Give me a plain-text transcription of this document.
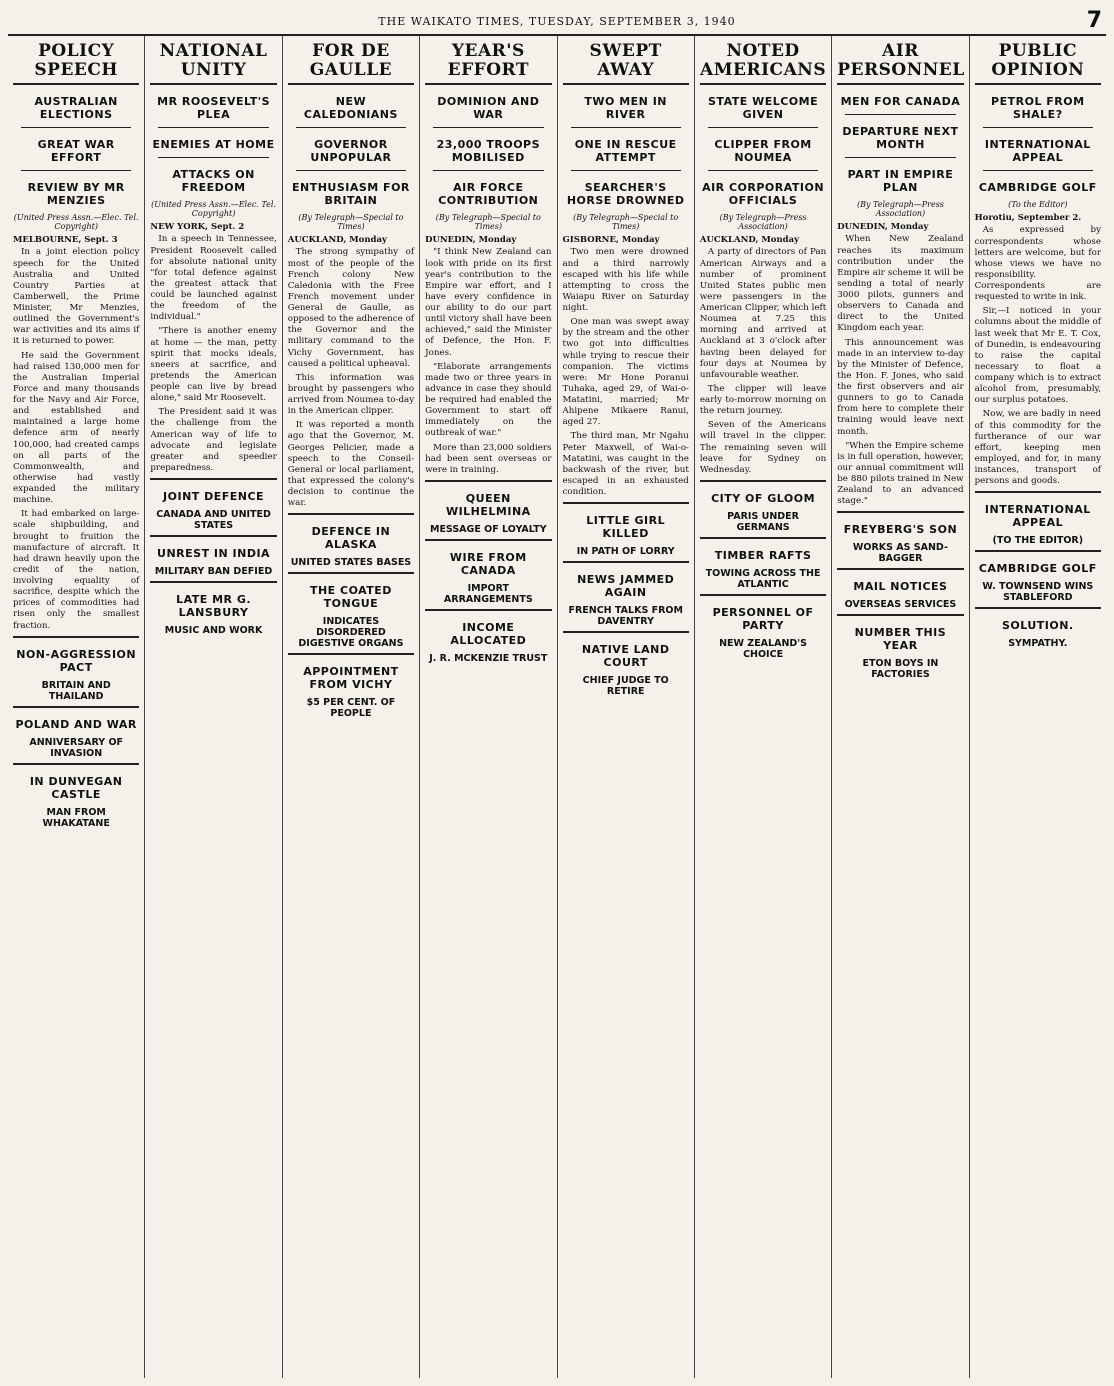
THE WAIKATO TIMES, TUESDAY, SEPTEMBER 3, 1940	7
POLICY SPEECH
AUSTRALIAN ELECTIONS
GREAT WAR EFFORT
REVIEW BY MR MENZIES
(United Press Assn.—Elec. Tel. Copyright)
MELBOURNE, Sept. 3
In a joint election policy speech for the United Australia and United Country Parties at Camberwell, the Prime Minister, Mr Menzies, outlined the Government's war activities and its aims if it is returned to power.
He said the Government had raised 130,000 men for the Australian Imperial Force and many thousands for the Navy and Air Force, and established and maintained a large home defence arm of nearly 100,000, had created camps on all parts of the Commonwealth, and otherwise had vastly expanded the military machine.
It had embarked on large-scale shipbuilding, and brought to fruition the manufacture of aircraft. It had drawn heavily upon the credit of the nation, involving equality of sacrifice, despite which the prices of commodities had risen only the smallest fraction.
NON-AGGRESSION PACT
BRITAIN AND THAILAND
POLAND AND WAR
ANNIVERSARY OF INVASION
IN DUNVEGAN CASTLE
MAN FROM WHAKATANE
NATIONAL UNITY
MR ROOSEVELT'S PLEA
ENEMIES AT HOME
ATTACKS ON FREEDOM
(United Press Assn.—Elec. Tel. Copyright)
NEW YORK, Sept. 2
In a speech in Tennessee, President Roosevelt called for absolute national unity "for total defence against the greatest attack that could be launched against the freedom of the individual."
"There is another enemy at home — the man, petty spirit that mocks ideals, sneers at sacrifice, and pretends the American people can live by bread alone," said Mr Roosevelt.
The President said it was the challenge from the American way of life to advocate and legislate greater and speedier preparedness.
JOINT DEFENCE
CANADA AND UNITED STATES
UNREST IN INDIA
MILITARY BAN DEFIED
LATE MR G. LANSBURY
MUSIC AND WORK
FOR DE GAULLE
NEW CALEDONIANS
GOVERNOR UNPOPULAR
ENTHUSIASM FOR BRITAIN
(By Telegraph—Special to Times)
AUCKLAND, Monday
The strong sympathy of most of the people of the French colony New Caledonia with the Free French movement under General de Gaulle, as opposed to the adherence of the Governor and the military command to the Vichy Government, has caused a political upheaval.
This information was brought by passengers who arrived from Noumea to-day in the American clipper.
It was reported a month ago that the Governor, M. Georges Pelicier, made a speech to the Conseil-General or local parliament, that expressed the colony's decision to continue the war.
DEFENCE IN ALASKA
UNITED STATES BASES
THE COATED TONGUE
INDICATES DISORDERED DIGESTIVE ORGANS
APPOINTMENT FROM VICHY
$5 PER CENT. OF PEOPLE
YEAR'S EFFORT
DOMINION AND WAR
23,000 TROOPS MOBILISED
AIR FORCE CONTRIBUTION
(By Telegraph—Special to Times)
DUNEDIN, Monday
"I think New Zealand can look with pride on its first year's contribution to the Empire war effort, and I have every confidence in our ability to do our part until victory shall have been achieved," said the Minister of Defence, the Hon. F. Jones.
"Elaborate arrangements made two or three years in advance in case they should be required had enabled the Government to start off immediately on the outbreak of war."
More than 23,000 soldiers had been sent overseas or were in training.
QUEEN WILHELMINA
MESSAGE OF LOYALTY
WIRE FROM CANADA
IMPORT ARRANGEMENTS
INCOME ALLOCATED
J. R. MCKENZIE TRUST
SWEPT AWAY
TWO MEN IN RIVER
ONE IN RESCUE ATTEMPT
SEARCHER'S HORSE DROWNED
(By Telegraph—Special to Times)
GISBORNE, Monday
Two men were drowned and a third narrowly escaped with his life while attempting to cross the Waiapu River on Saturday night.
One man was swept away by the stream and the other two got into difficulties while trying to rescue their companion. The victims were: Mr Hone Poranui Tuhaka, aged 29, of Wai-o-Matatini, married; Mr Ahipene Mikaere Ranui, aged 27.
The third man, Mr Ngahu Peter Maxwell, of Wai-o-Matatini, was caught in the backwash of the river, but escaped in an exhausted condition.
LITTLE GIRL KILLED
IN PATH OF LORRY
NEWS JAMMED AGAIN
FRENCH TALKS FROM DAVENTRY
NATIVE LAND COURT
CHIEF JUDGE TO RETIRE
NOTED AMERICANS
STATE WELCOME GIVEN
CLIPPER FROM NOUMEA
AIR CORPORATION OFFICIALS
(By Telegraph—Press Association)
AUCKLAND, Monday
A party of directors of Pan American Airways and a number of prominent United States public men were passengers in the American Clipper, which left Noumea at 7.25 this morning and arrived at Auckland at 3 o'clock after having been delayed for four days at Noumea by unfavourable weather.
The clipper will leave early to-morrow morning on the return journey.
Seven of the Americans will travel in the clipper. The remaining seven will leave for Sydney on Wednesday.
CITY OF GLOOM
PARIS UNDER GERMANS
TIMBER RAFTS
TOWING ACROSS THE ATLANTIC
PERSONNEL OF PARTY
NEW ZEALAND'S CHOICE
AIR PERSONNEL
MEN FOR CANADA
DEPARTURE NEXT MONTH
PART IN EMPIRE PLAN
(By Telegraph—Press Association)
DUNEDIN, Monday
When New Zealand reaches its maximum contribution under the Empire air scheme it will be sending a total of nearly 3000 pilots, gunners and observers to Canada and direct to the United Kingdom each year.
This announcement was made in an interview to-day by the Minister of Defence, the Hon. F. Jones, who said the first observers and air gunners to go to Canada from here to complete their training would leave next month.
"When the Empire scheme is in full operation, however, our annual commitment will be 880 pilots trained in New Zealand to an advanced stage."
FREYBERG'S SON
WORKS AS SAND-BAGGER
MAIL NOTICES
OVERSEAS SERVICES
NUMBER THIS YEAR
ETON BOYS IN FACTORIES
PUBLIC OPINION
PETROL FROM SHALE?
INTERNATIONAL APPEAL
CAMBRIDGE GOLF
(To the Editor)
Horotiu, September 2.
As expressed by correspondents whose letters are welcome, but for whose views we have no responsibility. Correspondents are requested to write in ink.
Sir,—I noticed in your columns about the middle of last week that Mr E. T. Cox, of Dunedin, is endeavouring to raise the capital necessary to float a company which is to extract alcohol from, presumably, our surplus potatoes.
Now, we are badly in need of this commodity for the furtherance of our war effort, keeping men employed, and for, in many instances, transport of persons and goods.
INTERNATIONAL APPEAL
(TO THE EDITOR)
CAMBRIDGE GOLF
W. TOWNSEND WINS STABLEFORD
SOLUTION.
SYMPATHY.
